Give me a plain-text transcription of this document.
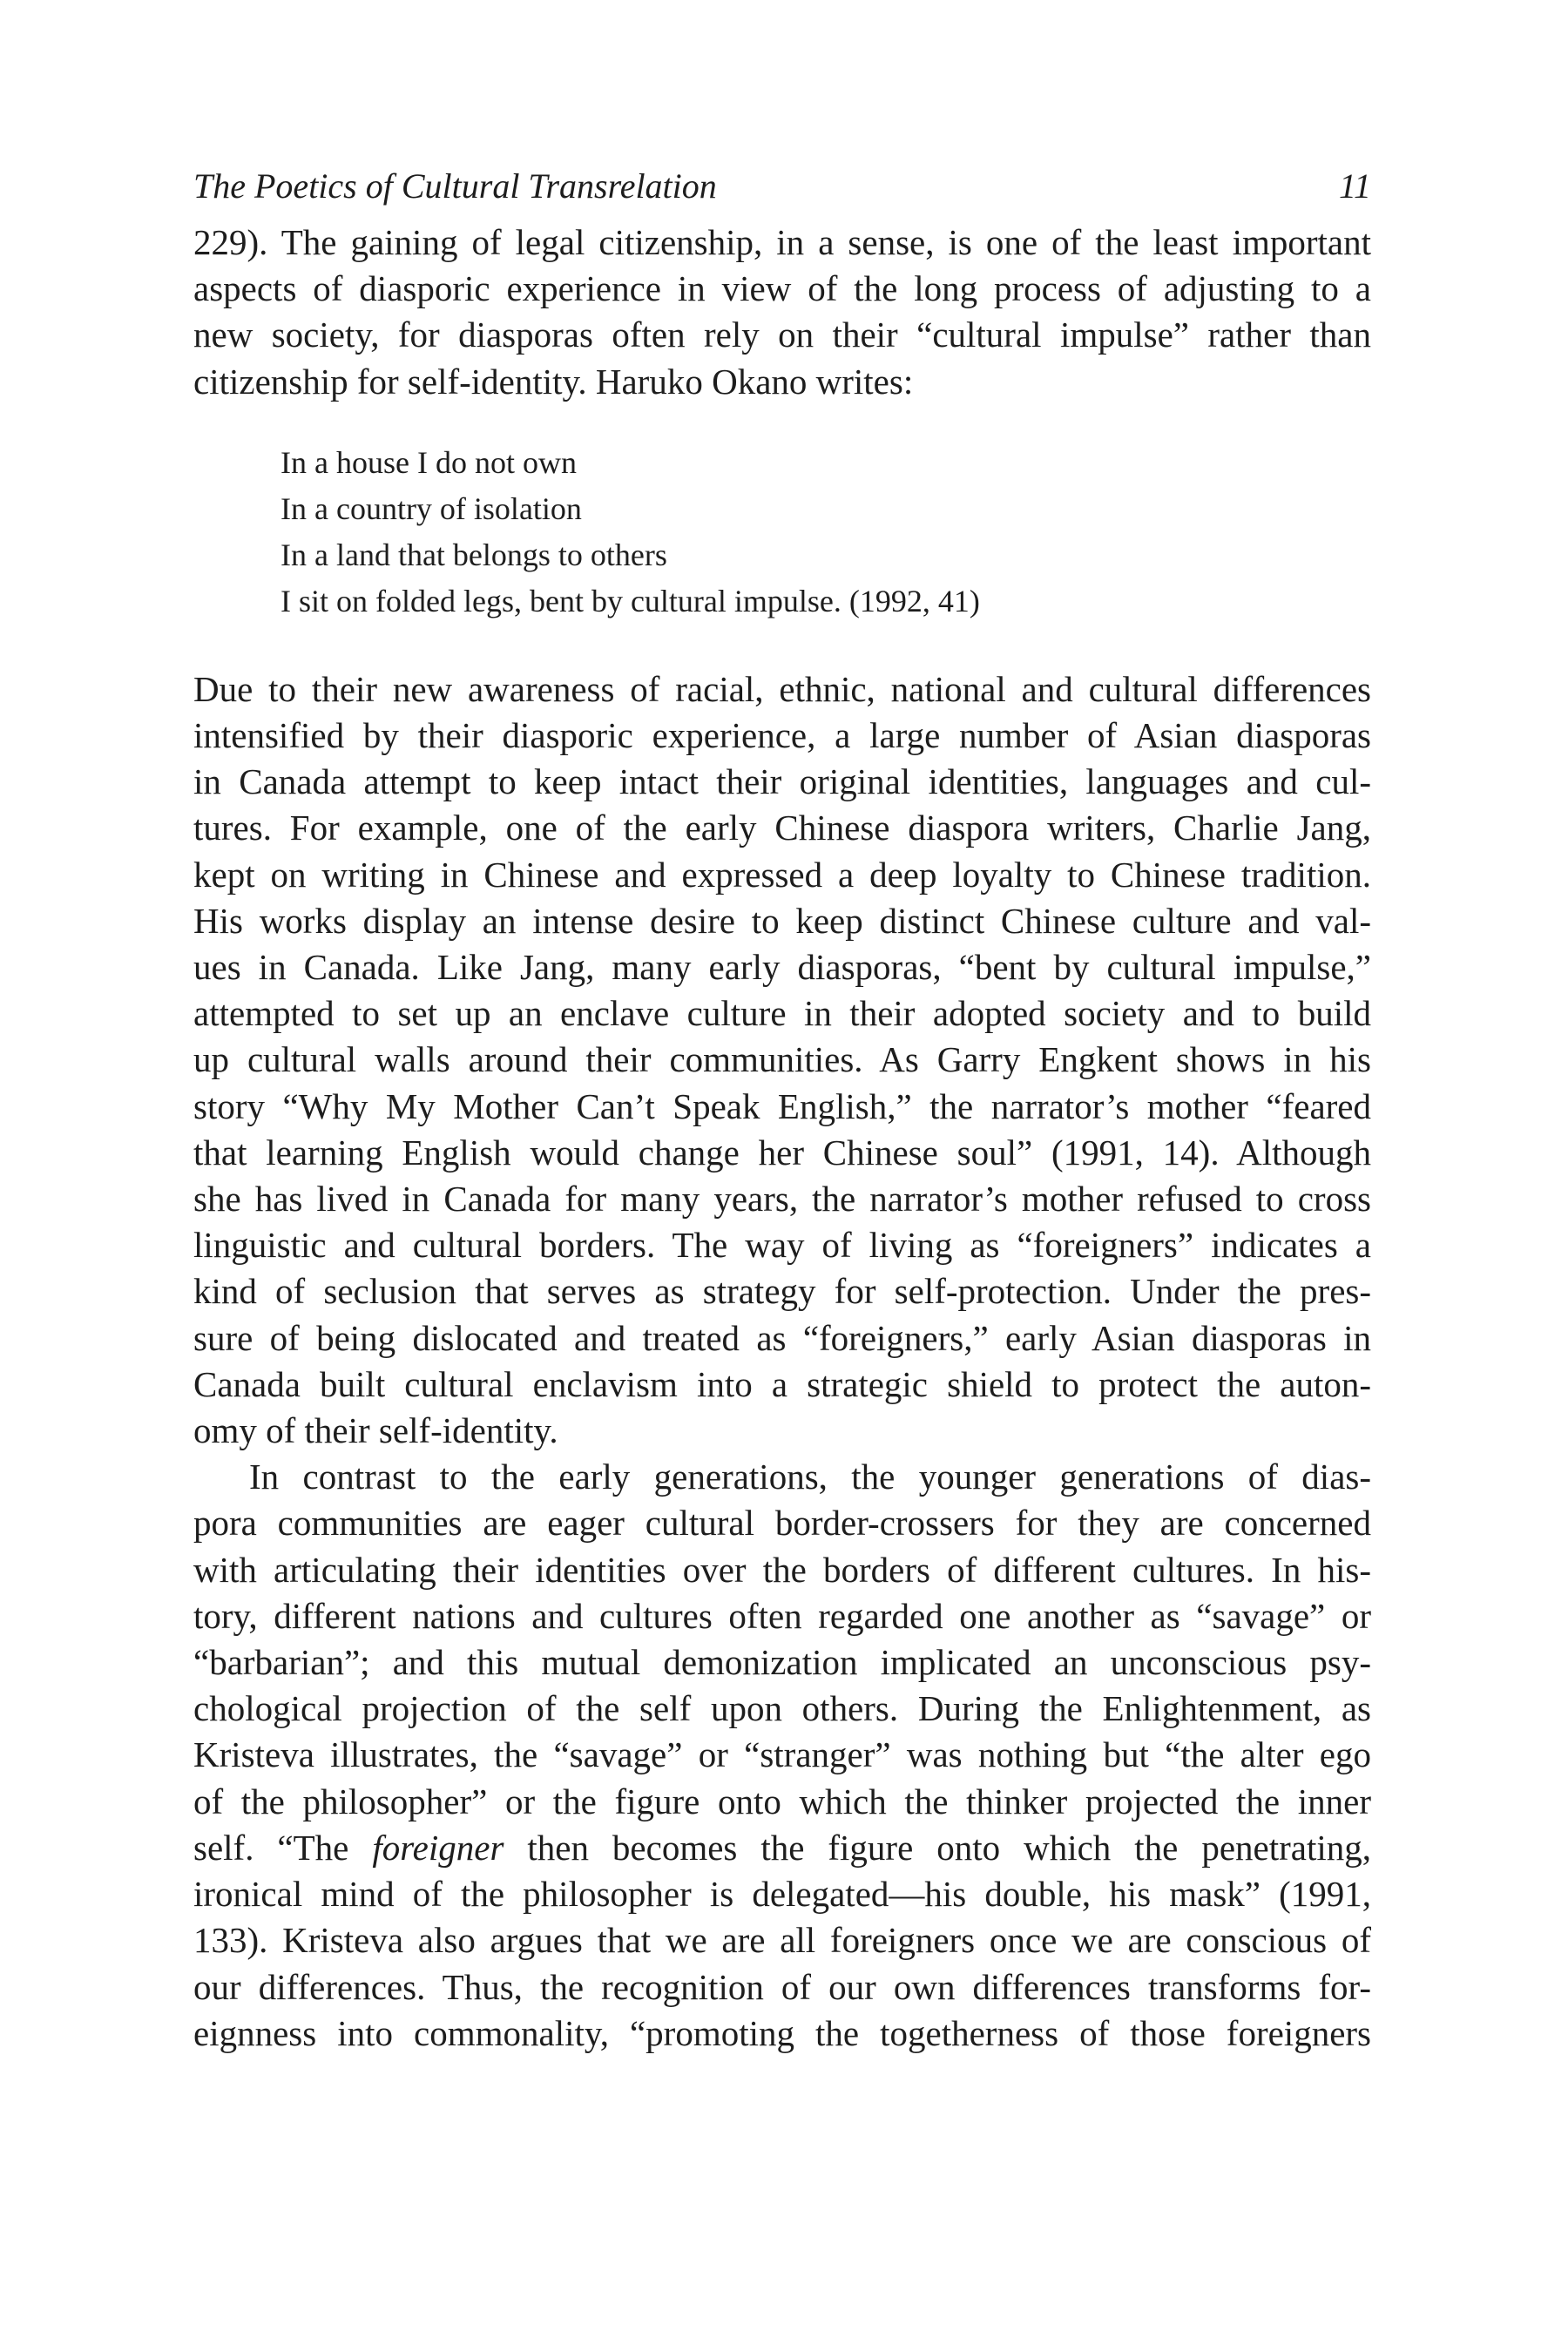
The Poetics of Cultural Transrelation	11

229). The gaining of legal citizenship, in a sense, is one of the least important
aspects of diasporic experience in view of the long process of adjusting to a
new society, for diasporas often rely on their “cultural impulse” rather than
citizenship for self-identity. Haruko Okano writes:

In a house I do not own
In a country of isolation
In a land that belongs to others
I sit on folded legs, bent by cultural impulse. (1992, 41)

Due to their new awareness of racial, ethnic, national and cultural differences
intensified by their diasporic experience, a large number of Asian diasporas
in Canada attempt to keep intact their original identities, languages and cul-
tures. For example, one of the early Chinese diaspora writers, Charlie Jang,
kept on writing in Chinese and expressed a deep loyalty to Chinese tradition.
His works display an intense desire to keep distinct Chinese culture and val-
ues in Canada. Like Jang, many early diasporas, “bent by cultural impulse,”
attempted to set up an enclave culture in their adopted society and to build
up cultural walls around their communities. As Garry Engkent shows in his
story “Why My Mother Can’t Speak English,” the narrator’s mother “feared
that learning English would change her Chinese soul” (1991, 14). Although
she has lived in Canada for many years, the narrator’s mother refused to cross
linguistic and cultural borders. The way of living as “foreigners” indicates a
kind of seclusion that serves as strategy for self-protection. Under the pres-
sure of being dislocated and treated as “foreigners,” early Asian diasporas in
Canada built cultural enclavism into a strategic shield to protect the auton-
omy of their self-identity.

In contrast to the early generations, the younger generations of dias-
pora communities are eager cultural border-crossers for they are concerned
with articulating their identities over the borders of different cultures. In his-
tory, different nations and cultures often regarded one another as “savage” or
“barbarian”; and this mutual demonization implicated an unconscious psy-
chological projection of the self upon others. During the Enlightenment, as
Kristeva illustrates, the “savage” or “stranger” was nothing but “the alter ego
of the philosopher” or the figure onto which the thinker projected the inner
self. “The foreigner then becomes the figure onto which the penetrating,
ironical mind of the philosopher is delegated—his double, his mask” (1991,
133). Kristeva also argues that we are all foreigners once we are conscious of
our differences. Thus, the recognition of our own differences transforms for-
eignness into commonality, “promoting the togetherness of those foreigners
